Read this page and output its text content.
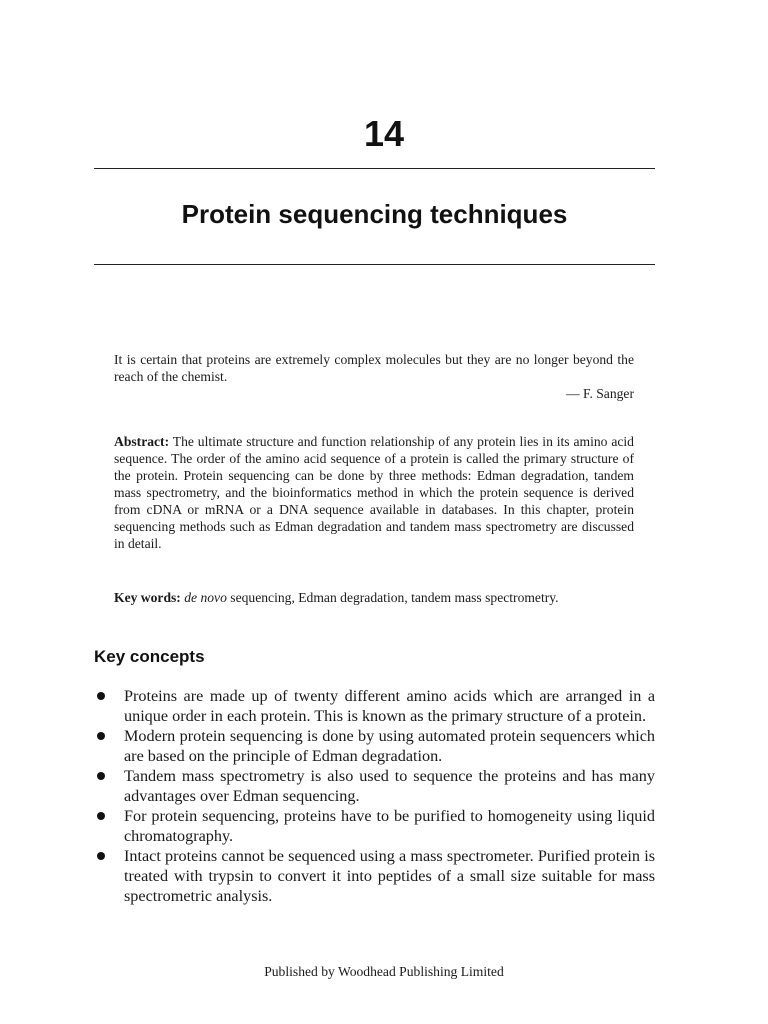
14
Protein sequencing techniques
It is certain that proteins are extremely complex molecules but they are no longer beyond the reach of the chemist.
— F. Sanger
Abstract: The ultimate structure and function relationship of any protein lies in its amino acid sequence. The order of the amino acid sequence of a protein is called the primary structure of the protein. Protein sequencing can be done by three methods: Edman degradation, tandem mass spectrometry, and the bioinformatics method in which the protein sequence is derived from cDNA or mRNA or a DNA sequence available in databases. In this chapter, protein sequencing methods such as Edman degradation and tandem mass spectrometry are discussed in detail.
Key words: de novo sequencing, Edman degradation, tandem mass spectrometry.
Key concepts
Proteins are made up of twenty different amino acids which are arranged in a unique order in each protein. This is known as the primary structure of a protein.
Modern protein sequencing is done by using automated protein sequencers which are based on the principle of Edman degradation.
Tandem mass spectrometry is also used to sequence the proteins and has many advantages over Edman sequencing.
For protein sequencing, proteins have to be purified to homogeneity using liquid chromatography.
Intact proteins cannot be sequenced using a mass spectrometer. Purified protein is treated with trypsin to convert it into peptides of a small size suitable for mass spectrometric analysis.
Published by Woodhead Publishing Limited
